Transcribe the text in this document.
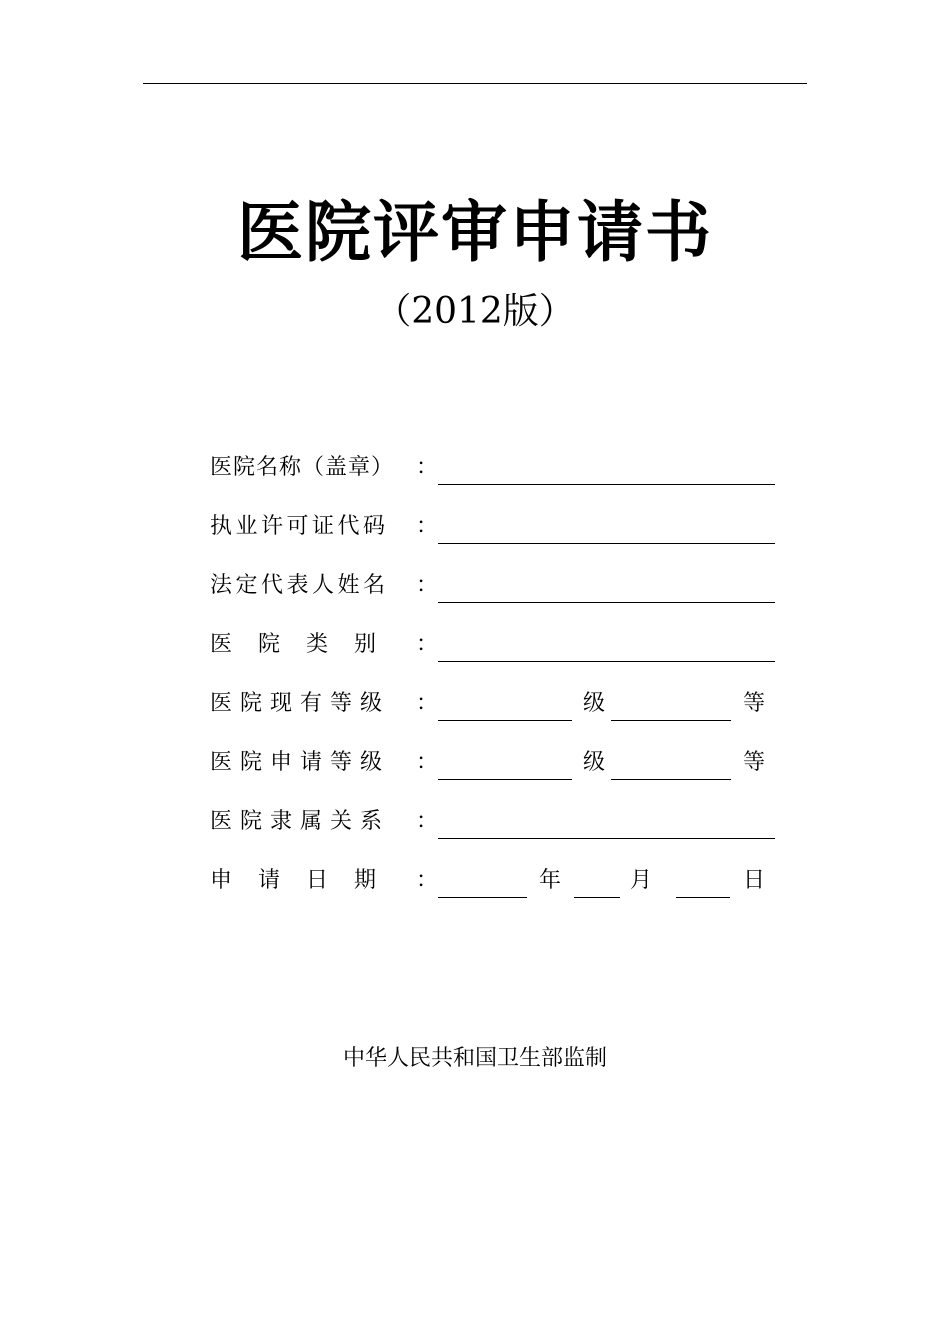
医院评审申请书
（2012版）
医院名称（盖章） ：
执业许可证代码 ：
法定代表人姓名 ：
医　院　类　别 ：
医 院 现 有 等 级 ：	级	等
医 院 申 请 等 级 ：	级	等
医 院 隶 属 关 系 ：
申　请　日　期 ：	年	月	日
中华人民共和国卫生部监制
